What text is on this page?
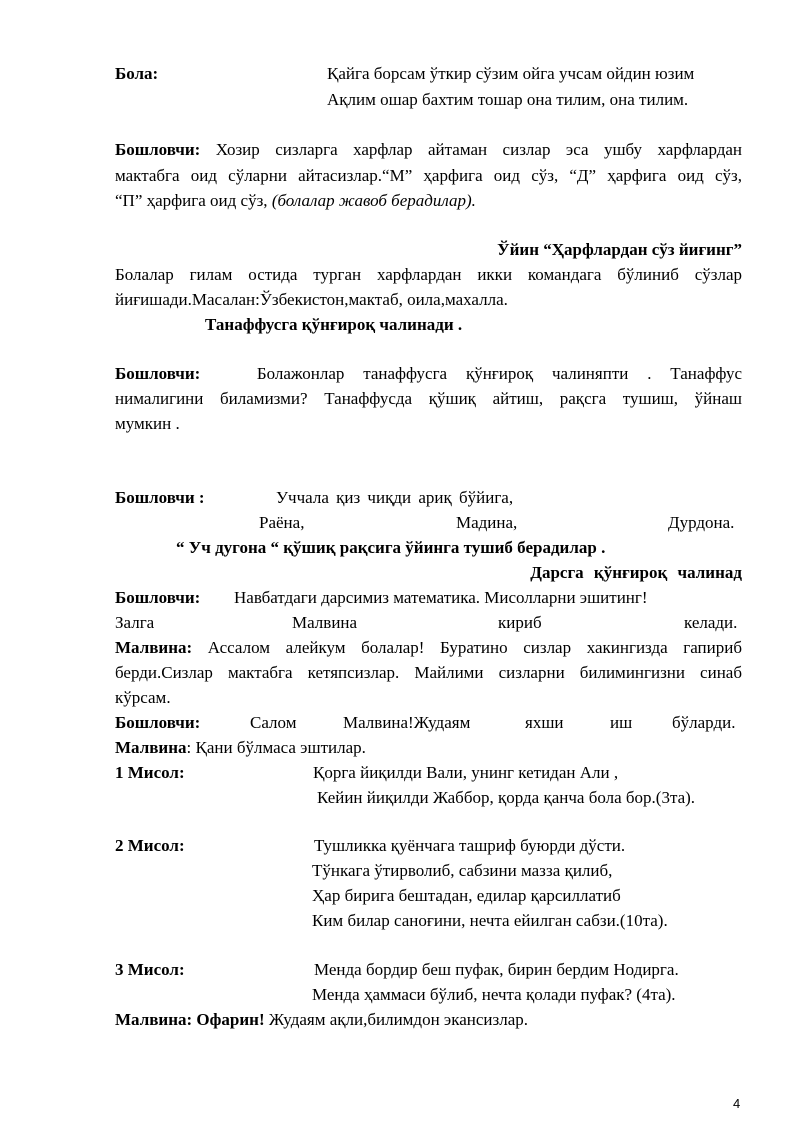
Бола:	Қайга борсам ўткир сўзим ойга учсам ойдин юзим
Ақлим ошар бахтим тошар она тилим, она тилим.
Бошловчи: Хозир сизларга харфлар айтаман сизлар эса ушбу харфлардан
мактабга оид сўларни айтасизлар.“М” ҳарфига оид сўз, “Д” ҳарфига оид сўз,
“П” ҳарфига оид сўз, (болалар жавоб берадилар).
Ўйин “Ҳарфлардан сўз йиғинг”
Болалар гилам остида турган харфлардан икки командага бўлиниб сўзлар
йиғишади.Масалан:Ўзбекистон,мактаб, оила,махалла.
Танаффусга қўнғироқ чалинади .
Бошловчи:	Болажонлар танаффусга қўнғироқ чалиняпти . Танаффус
нималигини биламизми? Танаффусда қўшиқ айтиш, рақсга тушиш, ўйнаш
мумкин .
Бошловчи :	Уччала қиз чиқди ариқ бўйига,
Раёна,	Мадина,	Дурдона.
“ Уч дугона “ қўшиқ рақсига ўйинга тушиб берадилар .
Дарсга қўнғироқ чалинад
Бошловчи: Навбатдаги дарсимиз математика. Мисолларни эшитинг!
Залга	Малвина	кириб	келади.
Малвина: Ассалом алейкум болалар! Буратино сизлар хакингизда гапириб
берди.Сизлар мактабга кетяпсизлар. Майлими сизларни билимингизни синаб
кўрсам.
Бошловчи:	Салом	Малвина!Жудаям	яхши	иш бўларди.
Малвина: Қани бўлмаса эштилар.
1 Мисол:	Қорга йиқилди Вали, унинг кетидан Али ,
Кейин йиқилди Жаббор, қорда қанча бола бор.(3та).
2 Мисол:	Тушликка қуёнчага ташриф буюрди дўсти.
Тўнкага ўтирволиб, сабзини мазза қилиб,
Ҳар бирига бештадан, едилар қарсиллатиб
Ким билар саноғини, нечта ейилган сабзи.(10та).
3 Мисол:	Менда бордир беш пуфак, бирин бердим Нодирга.
Менда ҳаммаси бўлиб, нечта қолади пуфак? (4та).
Малвина: Офарин! Жудаям ақли,билимдон экансизлар.
4
